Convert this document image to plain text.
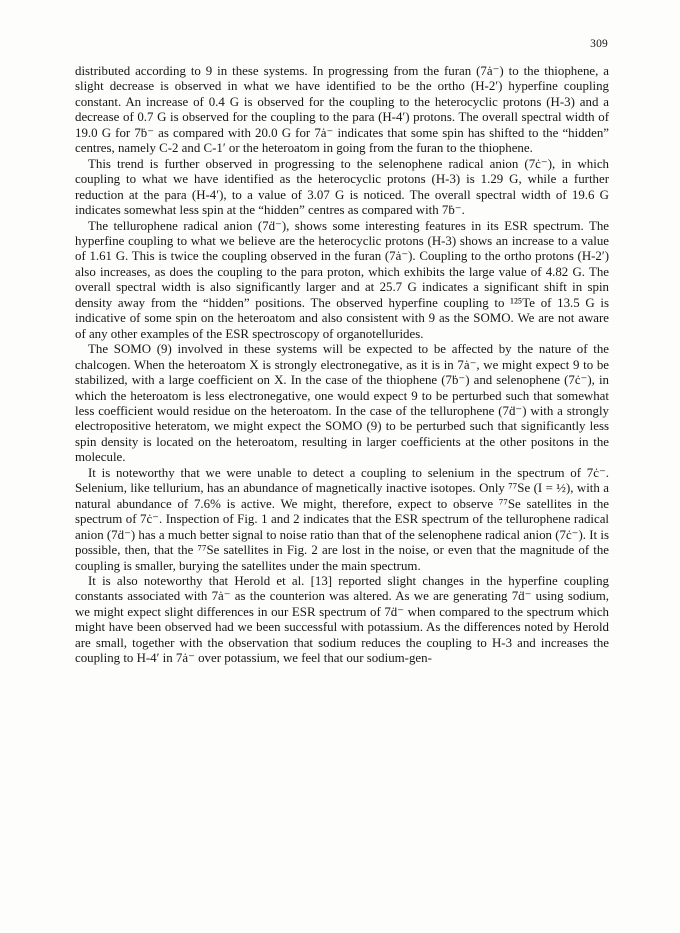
309

distributed according to 9 in these systems. In progressing from the furan (7ȧ⁻) to the thiophene, a slight decrease is observed in what we have identified to be the ortho (H-2′) hyperfine coupling constant. An increase of 0.4 G is observed for the coupling to the heterocyclic protons (H-3) and a decrease of 0.7 G is observed for the coupling to the para (H-4′) protons. The overall spectral width of 19.0 G for 7ḃ⁻ as compared with 20.0 G for 7ȧ⁻ indicates that some spin has shifted to the “hidden” centres, namely C-2 and C-1′ or the heteroatom in going from the furan to the thiophene.

This trend is further observed in progressing to the selenophene radical anion (7ċ⁻), in which coupling to what we have identified as the heterocyclic protons (H-3) is 1.29 G, while a further reduction at the para (H-4′), to a value of 3.07 G is noticed. The overall spectral width of 19.6 G indicates somewhat less spin at the “hidden” centres as compared with 7ḃ⁻.

The tellurophene radical anion (7ḋ⁻), shows some interesting features in its ESR spectrum. The hyperfine coupling to what we believe are the heterocyclic protons (H-3) shows an increase to a value of 1.61 G. This is twice the coupling observed in the furan (7ȧ⁻). Coupling to the ortho protons (H-2′) also increases, as does the coupling to the para proton, which exhibits the large value of 4.82 G. The overall spectral width is also significantly larger and at 25.7 G indicates a significant shift in spin density away from the “hidden” positions. The observed hyperfine coupling to ¹²⁵Te of 13.5 G is indicative of some spin on the heteroatom and also consistent with 9 as the SOMO. We are not aware of any other examples of the ESR spectroscopy of organotellurides.

The SOMO (9) involved in these systems will be expected to be affected by the nature of the chalcogen. When the heteroatom X is strongly electronegative, as it is in 7ȧ⁻, we might expect 9 to be stabilized, with a large coefficient on X. In the case of the thiophene (7ḃ⁻) and selenophene (7ċ⁻), in which the heteroatom is less electronegative, one would expect 9 to be perturbed such that somewhat less coefficient would residue on the heteroatom. In the case of the tellurophene (7ḋ⁻) with a strongly electropositive heteratom, we might expect the SOMO (9) to be perturbed such that significantly less spin density is located on the heteroatom, resulting in larger coefficients at the other positons in the molecule.

It is noteworthy that we were unable to detect a coupling to selenium in the spectrum of 7ċ⁻. Selenium, like tellurium, has an abundance of magnetically inactive isotopes. Only ⁷⁷Se (I = ½), with a natural abundance of 7.6% is active. We might, therefore, expect to observe ⁷⁷Se satellites in the spectrum of 7ċ⁻. Inspection of Fig. 1 and 2 indicates that the ESR spectrum of the tellurophene radical anion (7ḋ⁻) has a much better signal to noise ratio than that of the selenophene radical anion (7ċ⁻). It is possible, then, that the ⁷⁷Se satellites in Fig. 2 are lost in the noise, or even that the magnitude of the coupling is smaller, burying the satellites under the main spectrum.

It is also noteworthy that Herold et al. [13] reported slight changes in the hyperfine coupling constants associated with 7ȧ⁻ as the counterion was altered. As we are generating 7ḋ⁻ using sodium, we might expect slight differences in our ESR spectrum of 7ḋ⁻ when compared to the spectrum which might have been observed had we been successful with potassium. As the differences noted by Herold are small, together with the observation that sodium reduces the coupling to H-3 and increases the coupling to H-4′ in 7ȧ⁻ over potassium, we feel that our sodium-gen-
